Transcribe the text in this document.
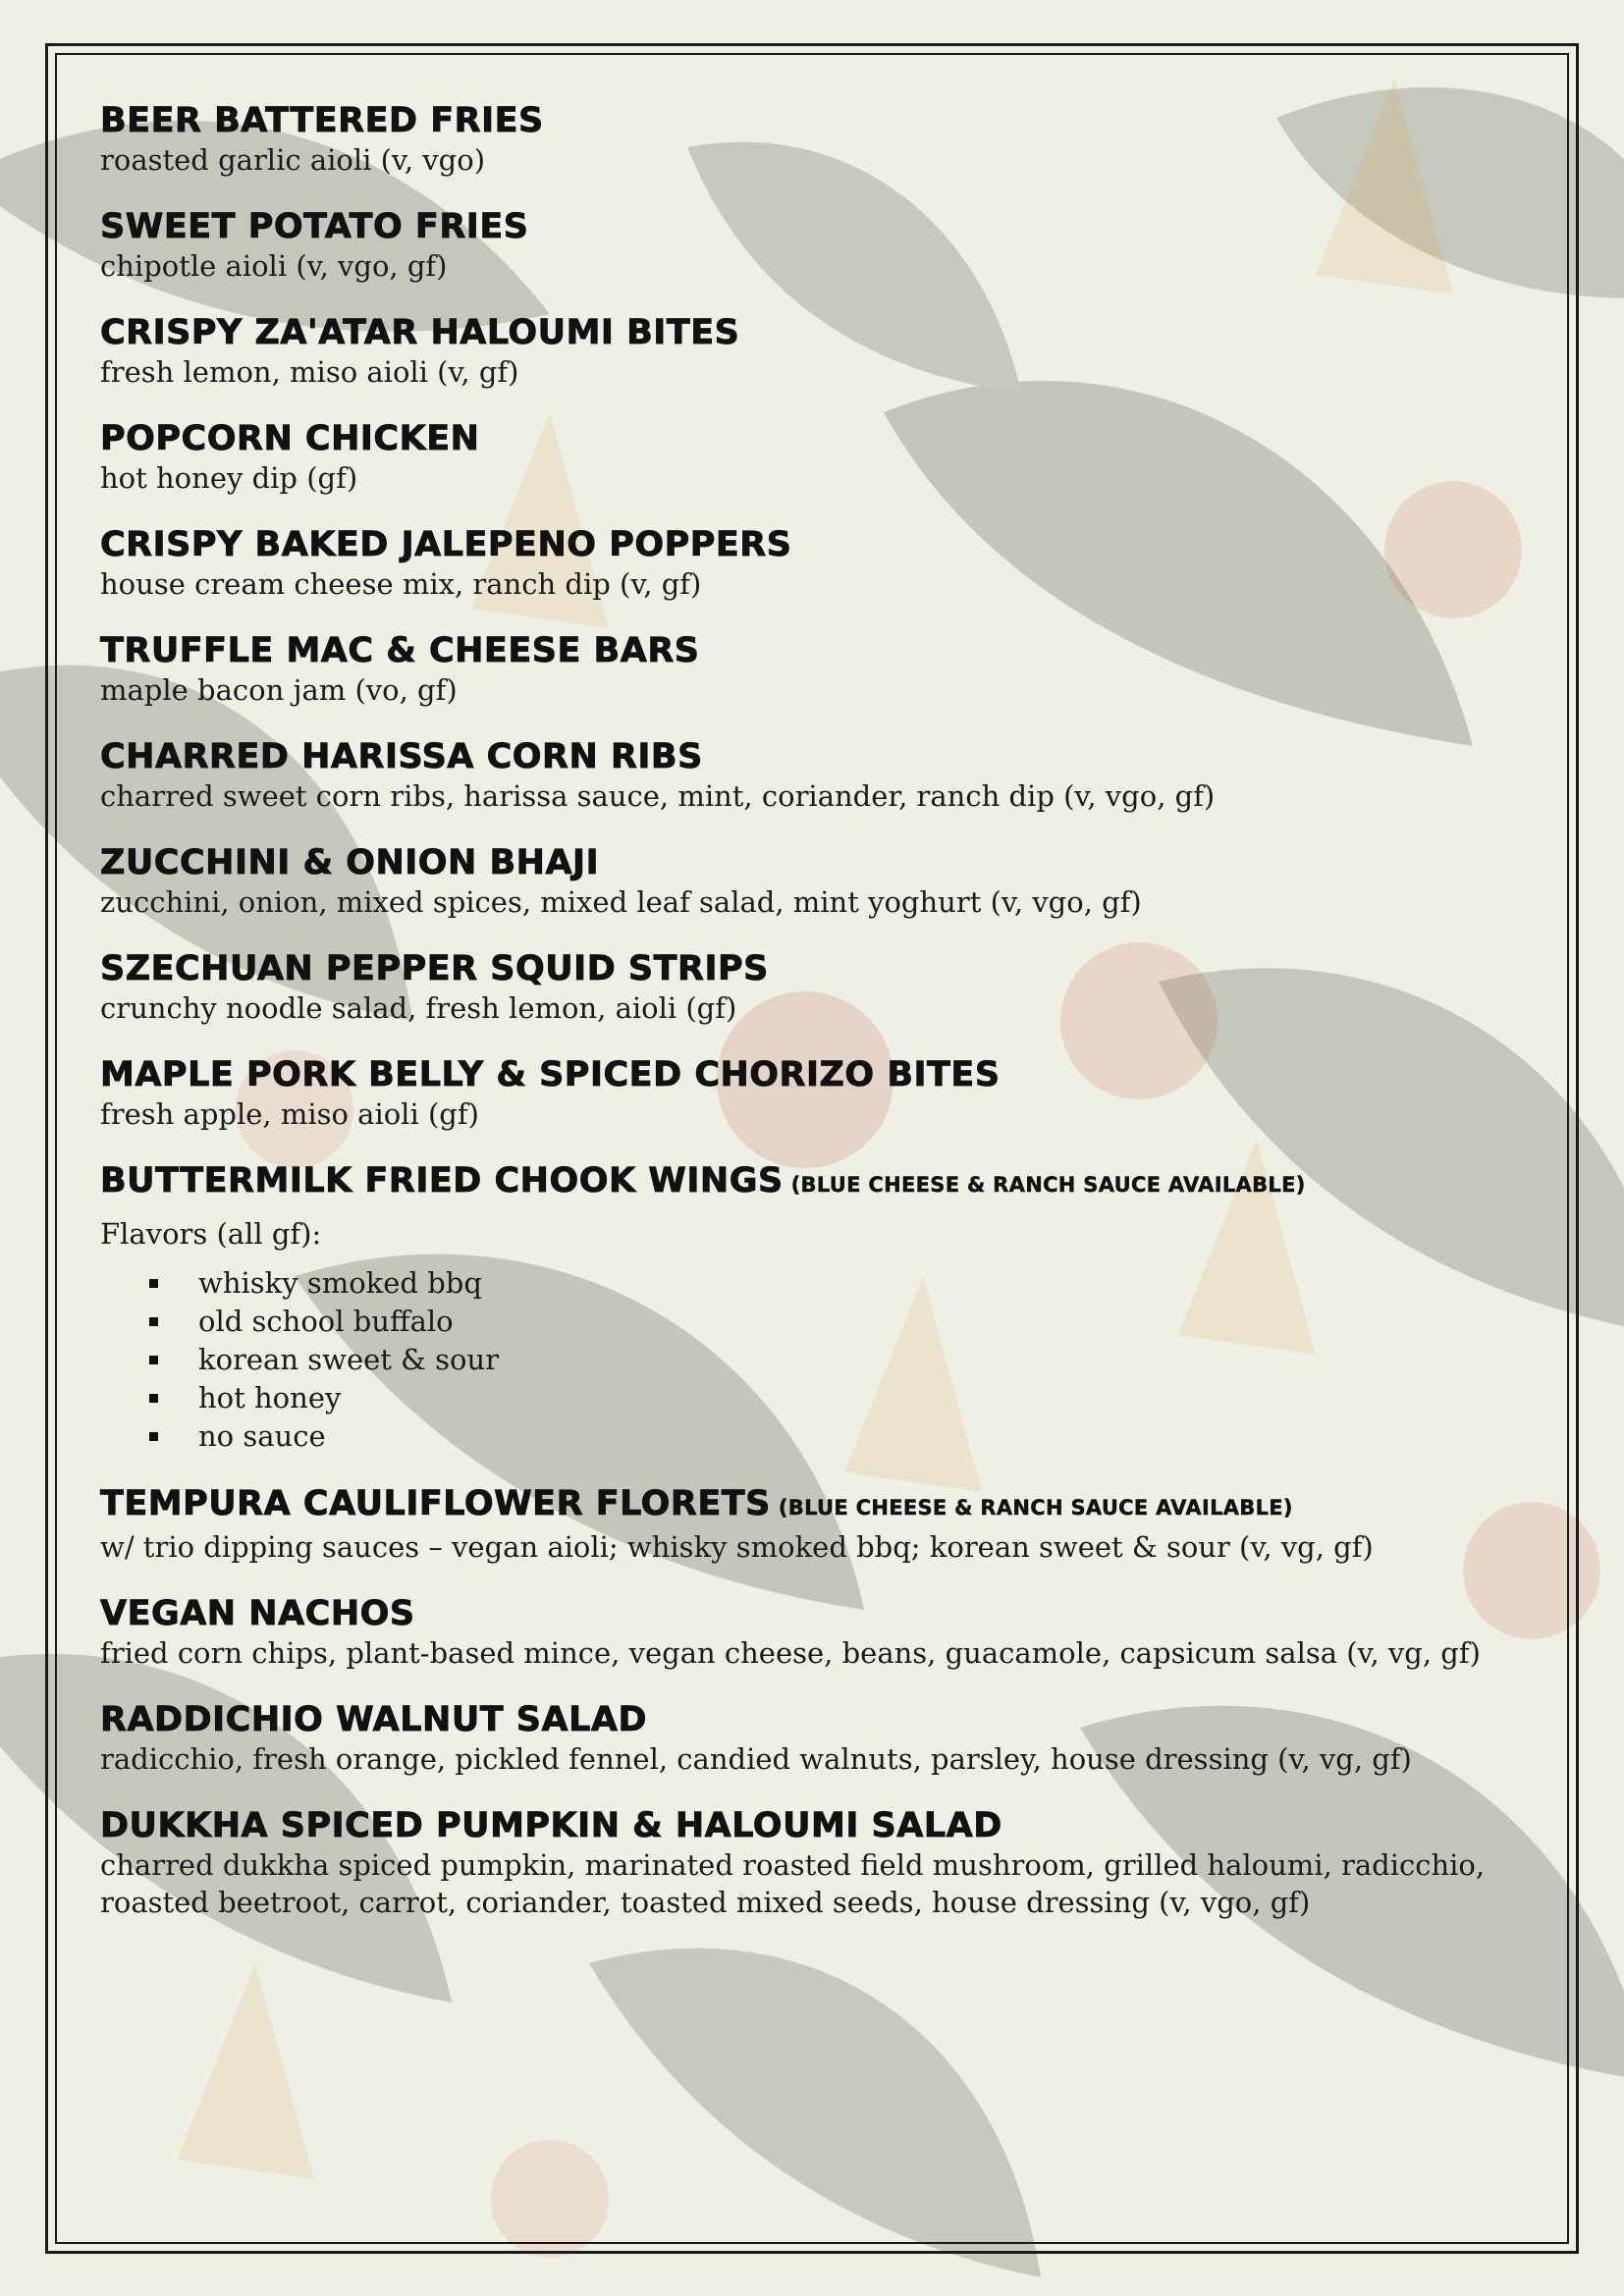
BEER BATTERED FRIES
roasted garlic aioli (v, vgo)
SWEET POTATO FRIES
chipotle aioli (v, vgo, gf)
CRISPY ZA'ATAR HALOUMI BITES
fresh lemon, miso aioli (v, gf)
POPCORN CHICKEN
hot honey dip (gf)
CRISPY BAKED JALEPENO POPPERS
house cream cheese mix, ranch dip (v, gf)
TRUFFLE MAC & CHEESE BARS
maple bacon jam (vo, gf)
CHARRED HARISSA CORN RIBS
charred sweet corn ribs, harissa sauce, mint, coriander, ranch dip (v, vgo, gf)
ZUCCHINI & ONION BHAJI
zucchini, onion, mixed spices, mixed leaf salad, mint yoghurt (v, vgo, gf)
SZECHUAN PEPPER SQUID STRIPS
crunchy noodle salad, fresh lemon, aioli (gf)
MAPLE PORK BELLY & SPICED CHORIZO BITES
fresh apple, miso aioli (gf)
BUTTERMILK FRIED CHOOK WINGS (BLUE CHEESE & RANCH SAUCE AVAILABLE)
Flavors (all gf):
whisky smoked bbq
old school buffalo
korean sweet & sour
hot honey
no sauce
TEMPURA CAULIFLOWER FLORETS (BLUE CHEESE & RANCH SAUCE AVAILABLE)
w/ trio dipping sauces – vegan aioli; whisky smoked bbq; korean sweet & sour (v, vg, gf)
VEGAN NACHOS
fried corn chips, plant-based mince, vegan cheese, beans, guacamole, capsicum salsa (v, vg, gf)
RADDICHIO WALNUT SALAD
radicchio, fresh orange, pickled fennel, candied walnuts, parsley, house dressing (v, vg, gf)
DUKKHA SPICED PUMPKIN & HALOUMI SALAD
charred dukkha spiced pumpkin, marinated roasted field mushroom, grilled haloumi, radicchio, roasted beetroot, carrot, coriander, toasted mixed seeds, house dressing (v, vgo, gf)
